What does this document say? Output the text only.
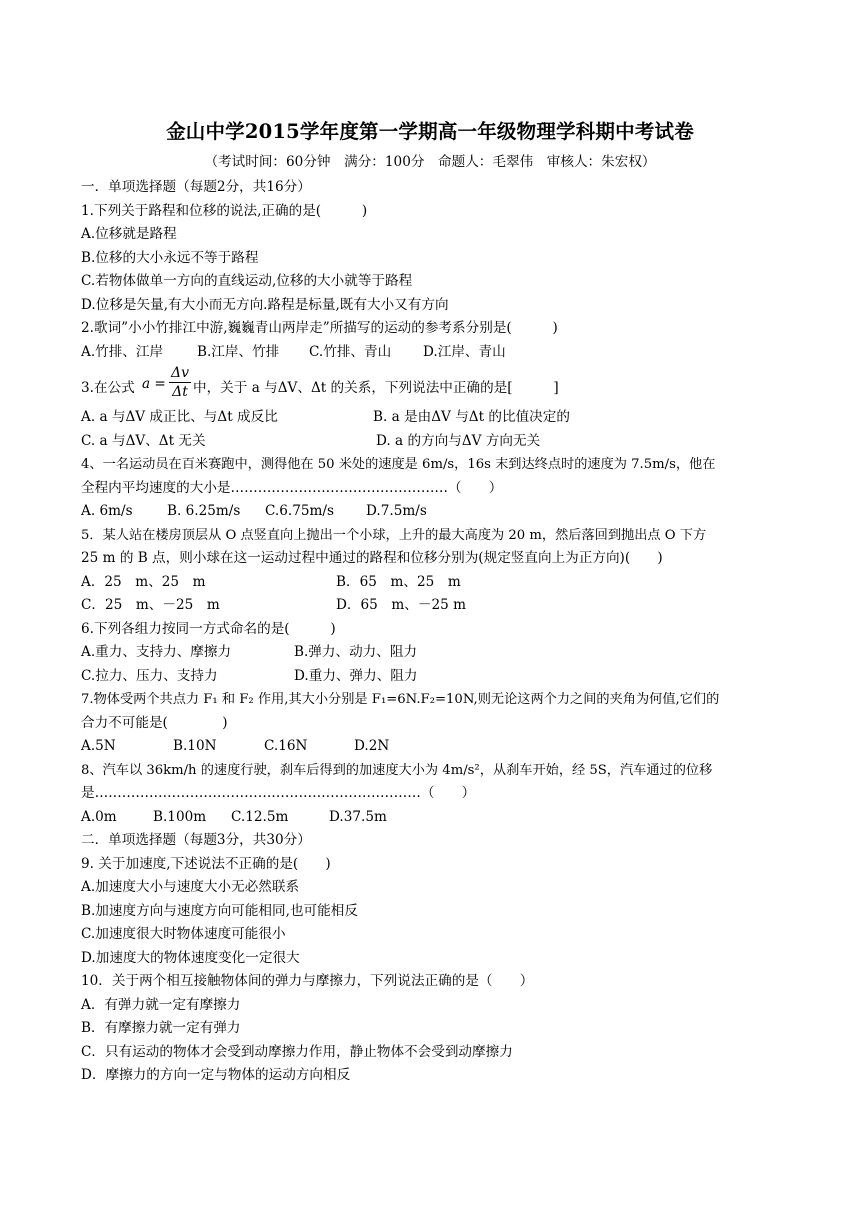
金山中学2015学年度第一学期高一年级物理学科期中考试卷
（考试时间：60分钟　满分：100分　命题人：毛翠伟　审核人：朱宏权）
一．单项选择题（每题2分，共16分）
1.下列关于路程和位移的说法,正确的是(　　　)
A.位移就是路程
B.位移的大小永远不等于路程
C.若物体做单一方向的直线运动,位移的大小就等于路程
D.位移是矢量,有大小而无方向.路程是标量,既有大小又有方向
2.歌词”小小竹排江中游,巍巍青山两岸走”所描写的运动的参考系分别是(　　　)
A.竹排、江岸 B.江岸、竹排 C.竹排、青山 D.江岸、青山
3.在公式 $a = \frac{\Delta v}{\Delta t}$ 中，关于 a 与ΔV、Δt 的关系，下列说法中正确的是[　　　]
A. a 与ΔV 成正比、与Δt 成反比	B. a 是由ΔV 与Δt 的比值决定的
C. a 与ΔV、Δt 无关	D. a 的方向与ΔV 方向无关
4、一名运动员在百米赛跑中，测得他在 50 米处的速度是 6m/s，16s 末到达终点时的速度为 7.5m/s，他在
全程内平均速度的大小是…………………………………………（　　）
A. 6m/s	B. 6.25m/s C.6.75m/s D.7.5m/s
5．某人站在楼房顶层从 O 点竖直向上抛出一个小球，上升的最大高度为 20 m，然后落回到抛出点 O 下方
25 m 的 B 点，则小球在这一运动过程中通过的路程和位移分别为(规定竖直向上为正方向)(　　)
A．25　m、25　m	B．65　m、25　m
C．25　m、－25　m	D．65　m、－25 m
6.下列各组力按同一方式命名的是(　　　)
A.重力、支持力、摩擦力	B.弹力、动力、阻力
C.拉力、压力、支持力	D.重力、弹力、阻力
7.物体受两个共点力 F₁ 和 F₂ 作用,其大小分别是 F₁=6N.F₂=10N,则无论这两个力之间的夹角为何值,它们的
合力不可能是(　　　　)
A.5N	B.10N	C.16N	D.2N
8、汽车以 36km/h 的速度行驶，刹车后得到的加速度大小为 4m/s²，从刹车开始，经 5S，汽车通过的位移
是………………………………………………………………（　　）
A.0m	B.100m C.12.5m	D.37.5m
二．单项选择题（每题3分，共30分）
9. 关于加速度,下述说法不正确的是(　　)
A.加速度大小与速度大小无必然联系
B.加速度方向与速度方向可能相同,也可能相反
C.加速度很大时物体速度可能很小
D.加速度大的物体速度变化一定很大
10．关于两个相互接触物体间的弹力与摩擦力，下列说法正确的是（　　）
A．有弹力就一定有摩擦力
B．有摩擦力就一定有弹力
C．只有运动的物体才会受到动摩擦力作用，静止物体不会受到动摩擦力
D．摩擦力的方向一定与物体的运动方向相反
